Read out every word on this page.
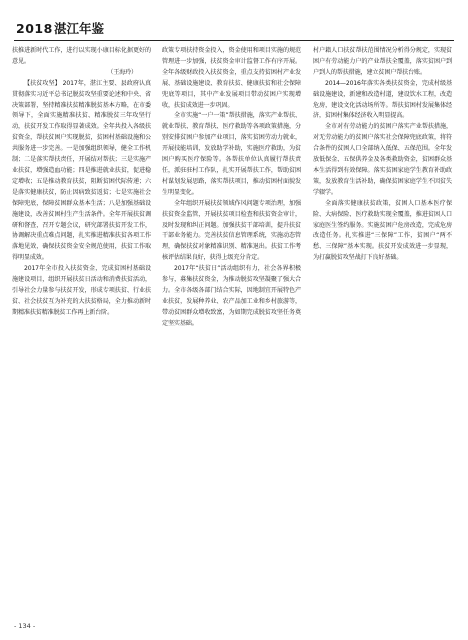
2018 湛江年鉴

扶推进新时代工作，进行以实现小康目标化据更好的意见。

（王海玲）

【扶贫攻坚】 2017年，湛江主要、县政府认真贯彻落实习近平总书记脱贫攻坚重要论述和中央、省决策部署，坚持精准扶贫精准脱贫基本方略，在市委领导下，全面实施精准扶贫、精准脱贫三年攻坚行动，扶贫开发工作取得显著成效。全年共投入各级扶贫资金，帮扶贫困户实现脱贫，贫困村基础设施和公共服务进一步完善。一是加强组织领导，健全工作机制；二是落实帮扶责任，开展结对帮扶；三是实施产业扶贫，增强造血功能；四是推进就业扶贫，促进稳定增收；五是推动教育扶贫，阻断贫困代际传递；六是落实健康扶贫，防止因病致贫返贫；七是实施社会保障兜底，保障贫困群众基本生活；八是加强基础设施建设，改善贫困村生产生活条件。全年开展扶贫调研和督查，召开专题会议，研究部署扶贫开发工作，协调解决重点难点问题，扎实推进精准扶贫各项工作落地见效，确保扶贫资金安全规范使用，扶贫工作取得明显成效。

2017年全市投入扶贫资金，完成贫困村基础设施建设项目，组织开展扶贫日活动和消费扶贫活动，引导社会力量参与扶贫开发，形成专项扶贫、行业扶贫、社会扶贫互为补充的大扶贫格局，全力推动新时期精准扶贫精准脱贫工作再上新台阶。

政策专项扶持资金投入，资金使用和项目实施的规范管理进一步加强，扶贫资金审计监督工作有序开展。全年各级财政投入扶贫资金，重点支持贫困村产业发展、基础设施建设、教育扶贫、健康扶贫和社会保障兜底等项目，其中产业发展项目带动贫困户实现增收，扶贫成效进一步巩固。

全市实施“一户一策”帮扶措施，落实产业帮扶、就业帮扶、教育帮扶、医疗救助等各项政策措施，分别安排贫困户参加产业项目，落实贫困劳动力就业，开展技能培训，发放助学补助，实施医疗救助，为贫困户购买医疗保险等。各帮扶单位认真履行帮扶责任，派驻驻村工作队，扎实开展帮扶工作，帮助贫困村谋划发展思路，落实帮扶项目，推动贫困村面貌发生明显变化。

全年组织开展扶贫领域作风问题专项治理，加强扶贫资金监管，开展扶贫项目检查和扶贫资金审计，及时发现和纠正问题。加强扶贫干部培训，提升扶贫干部业务能力。完善扶贫信息管理系统，实施动态管理，确保扶贫对象精准识别、精准退出。扶贫工作考核评估结果良好，获得上级充分肯定。

2017年“扶贫日”活动组织有力，社会各界积极参与，募集扶贫资金，为推动脱贫攻坚凝聚了强大合力。全市各级各部门结合实际，因地制宜开展特色产业扶贫，发展种养业、农产品加工业和乡村旅游等，带动贫困群众增收致富，为如期完成脱贫攻坚任务奠定坚实基础。

村户籍人口扶贫帮扶范围情况分析得分规定，实现贫困户有劳动能力户的产业帮扶全覆盖，落实贫困户到户到人的帮扶措施，建立贫困户帮扶台账。

2014—2016年落实各类扶贫资金，完成村级基础设施建设，新建和改造村道，建设饮水工程，改造危房，建设文化活动场所等。帮扶贫困村发展集体经济，贫困村集体经济收入明显提高。

全市对有劳动能力的贫困户落实产业帮扶措施，对无劳动能力的贫困户落实社会保障兜底政策，将符合条件的贫困人口全部纳入低保、五保范围。全年发放低保金、五保供养金及各类救助资金，贫困群众基本生活得到有效保障。落实贫困家庭学生教育补助政策，发放教育生活补助，确保贫困家庭学生不因贫失学辍学。

全面落实健康扶贫政策，贫困人口基本医疗保险、大病保险、医疗救助实现全覆盖，推进贫困人口家庭医生签约服务。实施贫困户危房改造，完成危房改造任务。扎实推进“三保障”工作，贫困户“两不愁、三保障”基本实现。扶贫开发成效进一步显现，为打赢脱贫攻坚战打下良好基础。

- 134 -
